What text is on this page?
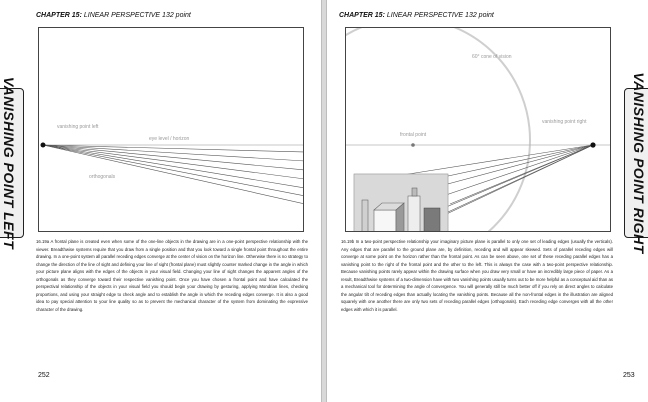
CHAPTER 15: LINEAR PERSPECTIVE 132 point
vanishing point left
eye level / horizon
orthogonals
VANISHING POINT LEFT	16.19a A frontal plane is created even when some of the one-line objects in the drawing are in a one-point perspective relationship with the viewer. Breadthwise systems require that you draw from a single position and that you look toward a single frontal point throughout the entire drawing. In a one-point system all parallel receding edges converge at the center of vision on the horizon line. Otherwise there is no strategy to change the direction of the line of sight and defining your line of sight (frontal plane) must slightly counter marked change in the angle in which your picture plane aligns with the edges of the objects in your visual field. Changing your line of sight changes the apparent angles of the orthogonals as they converge toward their respective vanishing point. Once you have chosen a frontal point and have calculated the perspectival relationship of the objects in your visual field you should begin your drawing by gesturing, applying Mondrian lines, checking proportions, and using your straight edge to check angle and to establish the angle in which the receding edges converge. It is also a good idea to pay special attention to your line quality so as to prevent the mechanical character of the system from dominating the expressive character of the drawing.

252
CHAPTER 15: LINEAR PERSPECTIVE 132 point
60° cone of vision
vanishing point right
frontal point	VANISHING POINT RIGHT

16.19b In a two-point perspective relationship your imaginary picture plane is parallel to only one set of leading edges (usually the verticals). Any edges that are parallel to the ground plane are, by definition, receding and will appear skewed. Sets of parallel receding edges will converge at some point on the horizon rather than the frontal point. As can be seen above, one set of these receding parallel edges has a vanishing point to the right of the frontal point and the other to the left. This is always the case with a two-point perspective relationship. Because vanishing points rarely appear within the drawing surface when you draw very small or have an incredibly large piece of paper. As a result, Breadthwise systems of a two-dimension have with two vanishing points usually turns out to be more helpful as a conceptual aid than as a mechanical tool for determining the angle of convergence. You will generally still be much better off if you rely on direct angles to calculate the angular tilt of receding edges than actually locating the vanishing points. Because all the non-frontal edges in the illustration are aligned squarely with one another there are only two sets of receding parallel edges (orthogonals). Each receding edge converges with all the other edges with which it is parallel.

253
